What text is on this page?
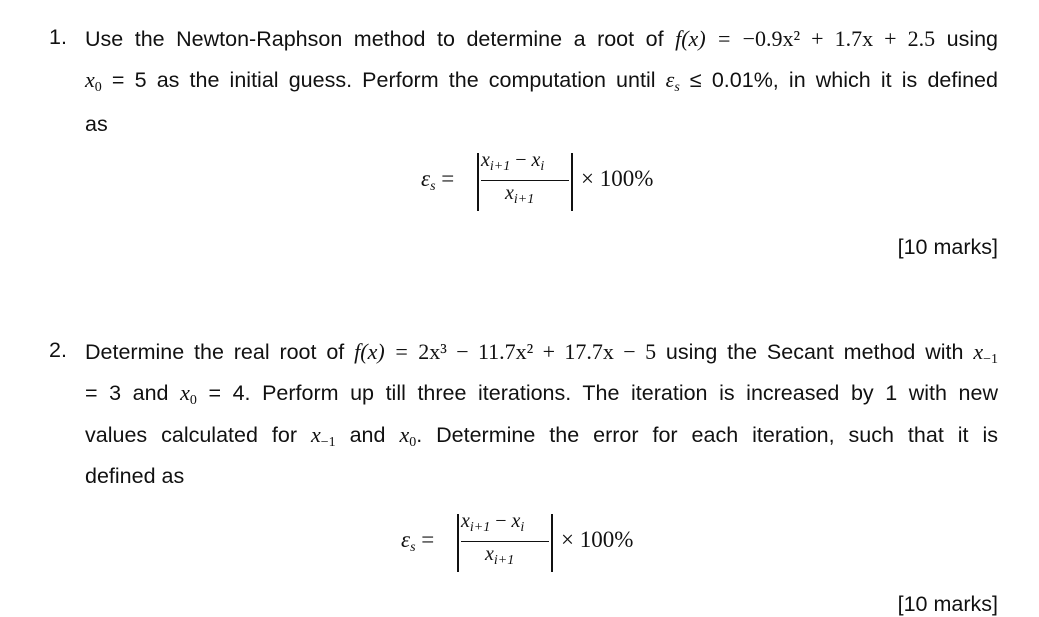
1. Use the Newton-Raphson method to determine a root of f(x) = −0.9x² + 1.7x + 2.5 using
$x_0 = 5$ as the initial guess. Perform the computation until $\varepsilon_s \le 0.01\%$, in which it is defined
as
$\varepsilon_s$ =
$x_{i+1} - x_i$
$x_{i+1}$
× 100%
[10 marks]
2. Determine the real root of f(x) = 2x³ − 11.7x² + 17.7x − 5 using the Secant method with $x_{-1}$
= 3 and $x_0 = 4$. Perform up till three iterations. The iteration is increased by 1 with new
values calculated for $x_{-1}$ and $x_0$. Determine the error for each iteration, such that it is
defined as
$\varepsilon_s$ =
$x_{i+1} - x_i$
$x_{i+1}$
× 100%
[10 marks]
